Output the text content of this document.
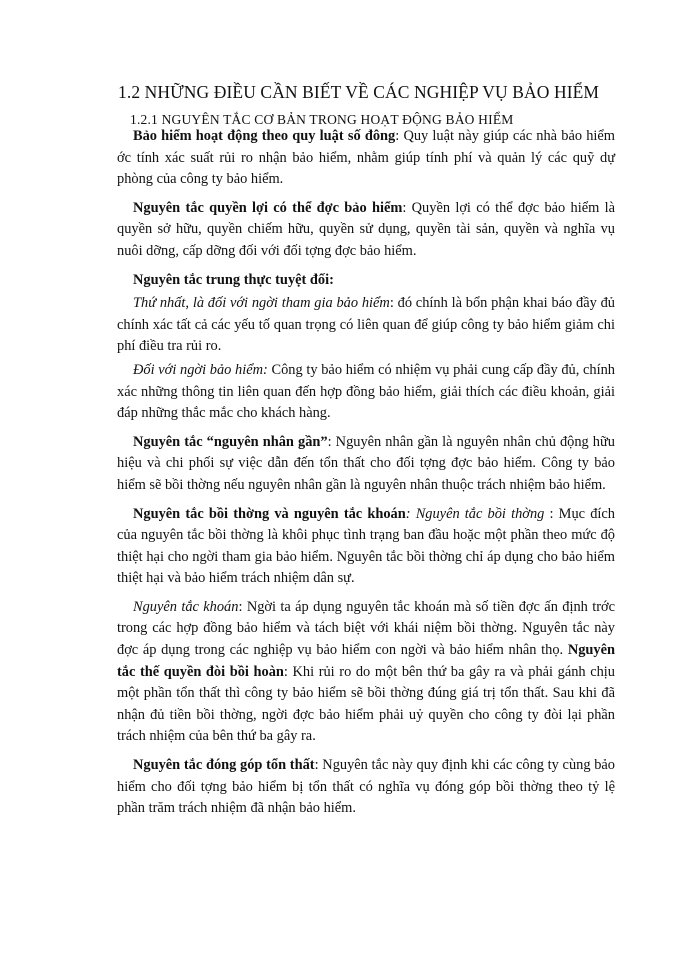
1.2 NHỮNG ĐIỀU CẦN BIẾT VỀ CÁC NGHIỆP VỤ BẢO HIỂM
1.2.1 NGUYÊN TẮC CƠ BẢN TRONG HOẠT ĐỘNG BẢO HIỂM

Bảo hiểm hoạt động theo quy luật số đông: Quy luật này giúp các nhà bảo hiểm ớc tính xác suất rủi ro nhận bảo hiểm, nhằm giúp tính phí và quản lý các quỹ dự phòng của công ty bảo hiểm.

Nguyên tắc quyền lợi có thể đợc bảo hiểm: Quyền lợi có thể đợc bảo hiểm là quyền sở hữu, quyền chiếm hữu, quyền sử dụng, quyền tài sản, quyền và nghĩa vụ nuôi dỡng, cấp dỡng đối với đối tợng đợc bảo hiểm.

Nguyên tắc trung thực tuyệt đối:

Thứ nhất, là đối với ngời tham gia bảo hiểm: đó chính là bổn phận khai báo đầy đủ chính xác tất cả các yếu tố quan trọng có liên quan để giúp công ty bảo hiểm giảm chi phí điều tra rủi ro.

Đối với ngời bảo hiểm: Công ty bảo hiểm có nhiệm vụ phải cung cấp đầy đủ, chính xác những thông tin liên quan đến hợp đồng bảo hiểm, giải thích các điều khoản, giải đáp những thắc mắc cho khách hàng.

Nguyên tắc “nguyên nhân gần”: Nguyên nhân gần là nguyên nhân chủ động hữu hiệu và chi phối sự việc dẫn đến tổn thất cho đối tợng đợc bảo hiểm. Công ty bảo hiểm sẽ bồi thờng nếu nguyên nhân gần là nguyên nhân thuộc trách nhiệm bảo hiểm.

Nguyên tắc bồi thờng và nguyên tắc khoán: Nguyên tắc bồi thờng : Mục đích của nguyên tắc bồi thờng là khôi phục tình trạng ban đầu hoặc một phần theo mức độ thiệt hại cho ngời tham gia bảo hiểm. Nguyên tắc bồi thờng chỉ áp dụng cho bảo hiểm thiệt hại và bảo hiểm trách nhiệm dân sự.

Nguyên tắc khoán: Ngời ta áp dụng nguyên tắc khoán mà số tiền đợc ấn định trớc trong các hợp đồng bảo hiểm và tách biệt với khái niệm bồi thờng. Nguyên tắc này đợc áp dụng trong các nghiệp vụ bảo hiểm con ngời và bảo hiểm nhân thọ. Nguyên tắc thế quyền đòi bồi hoàn: Khi rủi ro do một bên thứ ba gây ra và phải gánh chịu một phần tổn thất thì công ty bảo hiểm sẽ bồi thờng đúng giá trị tổn thất. Sau khi đã nhận đủ tiền bồi thờng, ngời đợc bảo hiểm phải uỷ quyền cho công ty đòi lại phần trách nhiệm của bên thứ ba gây ra.

Nguyên tắc đóng góp tổn thất: Nguyên tắc này quy định khi các công ty cùng bảo hiểm cho đối tợng bảo hiểm bị tổn thất có nghĩa vụ đóng góp bồi thờng theo tỷ lệ phần trăm trách nhiệm đã nhận bảo hiểm.
